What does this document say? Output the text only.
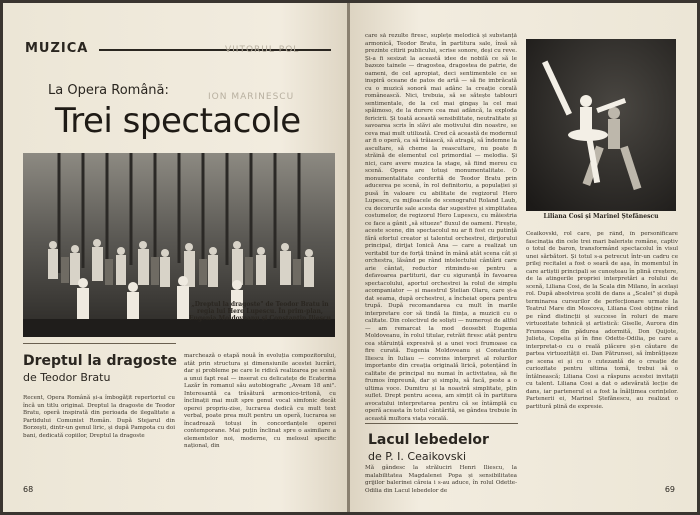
MUZICA	VIITORUL POL
ION MARINESCU
La Opera Română:
Trei spectacole
„Dreptul la dragoste" de Teodor Bratu în regia lui Hero Lupescu. În prim-plan, Eugenia Moldoveanu și Constantin Iliescu
Dreptul la dragoste
de Teodor Bratu
Recent, Opera Română și-a îmbogățit repertoriul cu încă un titlu original. Dreptul la dragoste de Teodor Bratu, operă inspirată din perioada de ilegalitate a Partidului Comunist Român. După Stejarul din Borzești, dintr-un genul liric, și după Pampota cu doi bani, dedicată copiilor, Dreptul la dragoste
marchează o etapă nouă în evoluția compozitorului, atât prin structura și dimensiunile acestei lucrări, dar și probleme pe care le ridică realizarea pe scenă a unui fapt real — inserat cu delicatețe de Ecaterina Lazăr în romanul său autobiografic „Aveam 18 ani". Interesantă ca trăsătură armonico-tritonă, cu înclinații mai mult spre genul vocal simfonic decât operei propriu-zise, lucrarea dedică cu mult text verbal, poate prea mult pentru un operă, lucrarea se încadrează totuși în concordanțele operei contemporane. Mai puțin înclinat spre o asimilare a elementelor noi, moderne, cu melosul specific național, din
68
care să rezulte firesc, suplețe melodică și substanță armonică, Teodor Bratu, în partitura sale, însă să prezinte citirii publicului, scrise sonore, deși cu reve. Și-a fi sesizat la această idee de nobilă ce să le bazeze tainele — dragostea, dragostea de patrie, de oameni, de cel apropiat, deci sentimentele ce se inspiră oceane de patos de artă — să fie imbrăcată cu o muzică sonoră mai adânc la creație corală românească. Nici, trebuia, să se sătește tablouri sentimentale, de la cel mai gingaș la cel mai spăimoso, de la durere cea mai adâncă, la exploda fericirii. Și toată această sensibilitate, neutralitate și savoarea scris în slăvi ale motivului din noastre, se ceva mai mult utilizată. Cred că această de modernul ar fi o operă, ca să trăiască, să atragă, să îndemne la ascultare, să cheme la reascultare, nu poate fi străină de elementul cel primordial — melodia. Și nici, care avere muzica la stage, să fiind mereu cu scenă. Opera are totuși monumentalitate. O monumentalitate conferită de Teodor Bratu prin aducerea pe scenă, în rol definitoriu, a populației și pusă în valoare cu abilitate de regizorul Hero Lupescu, cu mijloacele de scenograful Roland Laub, cu decorurile sale acesta dar sugestive și simplitatea costumelor, de regizorul Hero Lupescu, cu măiestria ce face a gânit „să situeze" fluxul de oameni. Firește, aceste scene, din spectacolul nu ar fi fost cu putință fără efortul creator și talentul orchestrei, dirijorului principal, dirijat Ionică Ana — care a realizat un veritabil tur de forță tinând în mână atât scena cât și orchestra, lăsând pe rând intelectului cântării care arie cântat, reductor ritmindu-se pentru a defavoarea partiturii, dar cu siguranță în favoarea spectacolului, aportul orchestrei la rolul de simplu acompaniator — și maestrul Ștelian Olaru, care și-a dat seama, după orchestrei, a încheiat opera pentru trupă. După recomandarea cu mult în marile interpretare cor să tindă la ființa, a muzicii cu o calitate. Din colectivul de soliști — numeroși de altfel — am remarcat la mod deosebit Eugenia Moldoveanu, în rolul titular, retrăit firesc atât pentru cea stăruință expresivă și a unei voci frumoase ca fire curată. Eugenia Moldoveanu și Constantin Iliescu în Iuliau — convins interpret al rolurilor importante din creația originală lirică, potențând în calitate de principal nu numai în activitatea, să fie frumos împreună, dar și simplu, să facă, peste a o ultima voce. Dumitru și la noastră simplitate, plin suflet. Drept pentru aceea, am simțit că în partitura avocatului interpretarea pentru că se întâmplă cu operă aceasta în totul cântărită, se gândea trebuie în această multora viața vocală.
Liliana Cosi și Marinel Ștefănescu
Ceaikovski, rol care, pe rând, în personificare fascinația din cele trei mari baleriste române, captiv o totul de baron, transformând spectacolul în visul unei sărbători. Și totul s-a petrecut într-un cadru ce prilej recitalei a fost o seară de așa, în momentul în care artiștii principali se cunoșteau în plină creștere, de la atingerile propriei interpretări a rolului de scenă, Liliana Cosi, de la Scala din Milano, în același rol. După absolvirea școlii de dans a „Scalei" și după terminarea cursurilor de perfecționare urmate la Teatrul Mare din Moscova, Liliana Cosi obține rând pe rând distincții și succese în roluri de mare virtuozitate tehnică și artistică: Giselle, Aurora din Frumoasa din pădurea adormită, Don Quijote, Julieta, Copelia și în fine Odette-Odilia, pe care a interpretat-o cu o reală plăcere și-n căutare de partea virtuozității ei. Dan Pătrunsei, să îmbrățișeze pe scena ei și cu o cutezantă de o creație de curiozitate pentru ultima tomă, trebui să o întâlnească; Liliana Cosi a răspuns acestei invitații cu talent. Liliana Cosi a dat o adevărată lecție de dans, iar partenerul ei a fost la înălțimea cerințelor. Partenerii ei, Marinel Ștefănescu, au realizat o partitură plină de expresie.
Lacul lebedelor
de P. I. Ceaikovski
Mă gândesc la străluciri Henri Iliescu, la malabilitatea Magdalenei Popa și sensibilitatea grijilor balerinei căreia i s-au aduce, în rolul Odette-Odilia din Lacul lebedelor de	69
